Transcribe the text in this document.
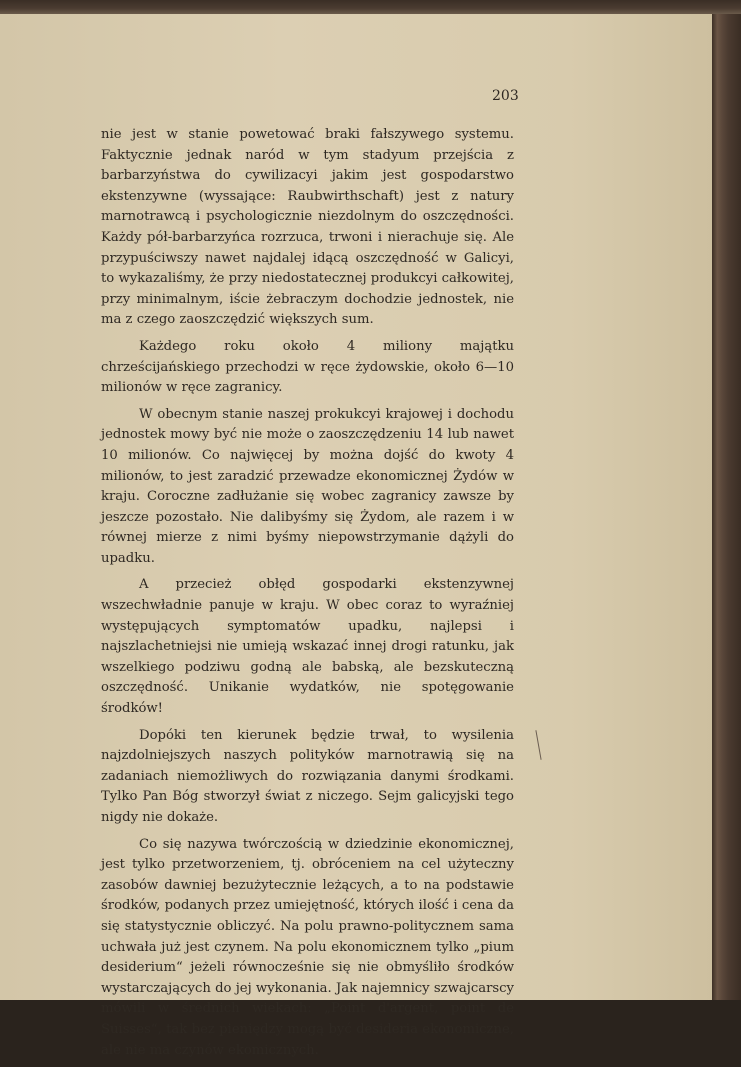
203

nie jest w stanie powetować braki fałszywego systemu. Faktycznie jednak naród w tym stadyum przejścia z barbarzyństwa do cywilizacyi jakim jest gospodarstwo ekstenzywne (wyssające: Raubwirthschaft) jest z natury marnotrawcą i psychologicznie niezdolnym do oszczędności. Każdy pół-barbarzyńca rozrzuca, trwoni i nierachuje się. Ale przypuściwszy nawet najdalej idącą oszczędność w Galicyi, to wykazaliśmy, że przy niedostatecznej produkcyi całkowitej, przy minimalnym, iście żebraczym dochodzie jednostek, nie ma z czego zaoszczędzić większych sum.

Każdego roku około 4 miliony majątku chrześcijańskiego przechodzi w ręce żydowskie, około 6—10 milionów w ręce zagranicy.

W obecnym stanie naszej prokukcyi krajowej i dochodu jednostek mowy być nie może o zaoszczędzeniu 14 lub nawet 10 milionów. Co najwięcej by można dojść do kwoty 4 milionów, to jest zaradzić przewadze ekonomicznej Żydów w kraju. Coroczne zadłużanie się wobec zagranicy zawsze by jeszcze pozostało. Nie dalibyśmy się Żydom, ale razem i w równej mierze z nimi byśmy niepowstrzymanie dążyli do upadku.

A przecież obłęd gospodarki ekstenzywnej wszechwładnie panuje w kraju. W obec coraz to wyraźniej występujących symptomatów upadku, najlepsi i najszlachetniejsi nie umieją wskazać innej drogi ratunku, jak wszelkiego podziwu godną ale babską, ale bezskuteczną oszczędność. Unikanie wydatków, nie spotęgowanie środków!

Dopóki ten kierunek będzie trwał, to wysilenia najzdolniejszych naszych polityków marnotrawią się na zadaniach niemożliwych do rozwiązania danymi środkami. Tylko Pan Bóg stworzył świat z niczego. Sejm galicyjski tego nigdy nie dokaże.

Co się nazywa twórczością w dziedzinie ekonomicznej, jest tylko przetworzeniem, tj. obróceniem na cel użyteczny zasobów dawniej bezużytecznie leżących, a to na podstawie środków, podanych przez umiejętność, których ilość i cena da się statystycznie obliczyć. Na polu prawno-politycznem sama uchwała już jest czynem. Na polu ekonomicznem tylko „pium desiderium“ jeżeli równocześnie się nie obmyśliło środków wystarczających do jej wykonania. Jak najemnicy szwajcarscy mówili w średnich wiekach: „Point d'argent, point de Suisses“, tak bez pieniędzy mogą być desideria ekonomiczne, ale nie ma czynów ekomicznych.
